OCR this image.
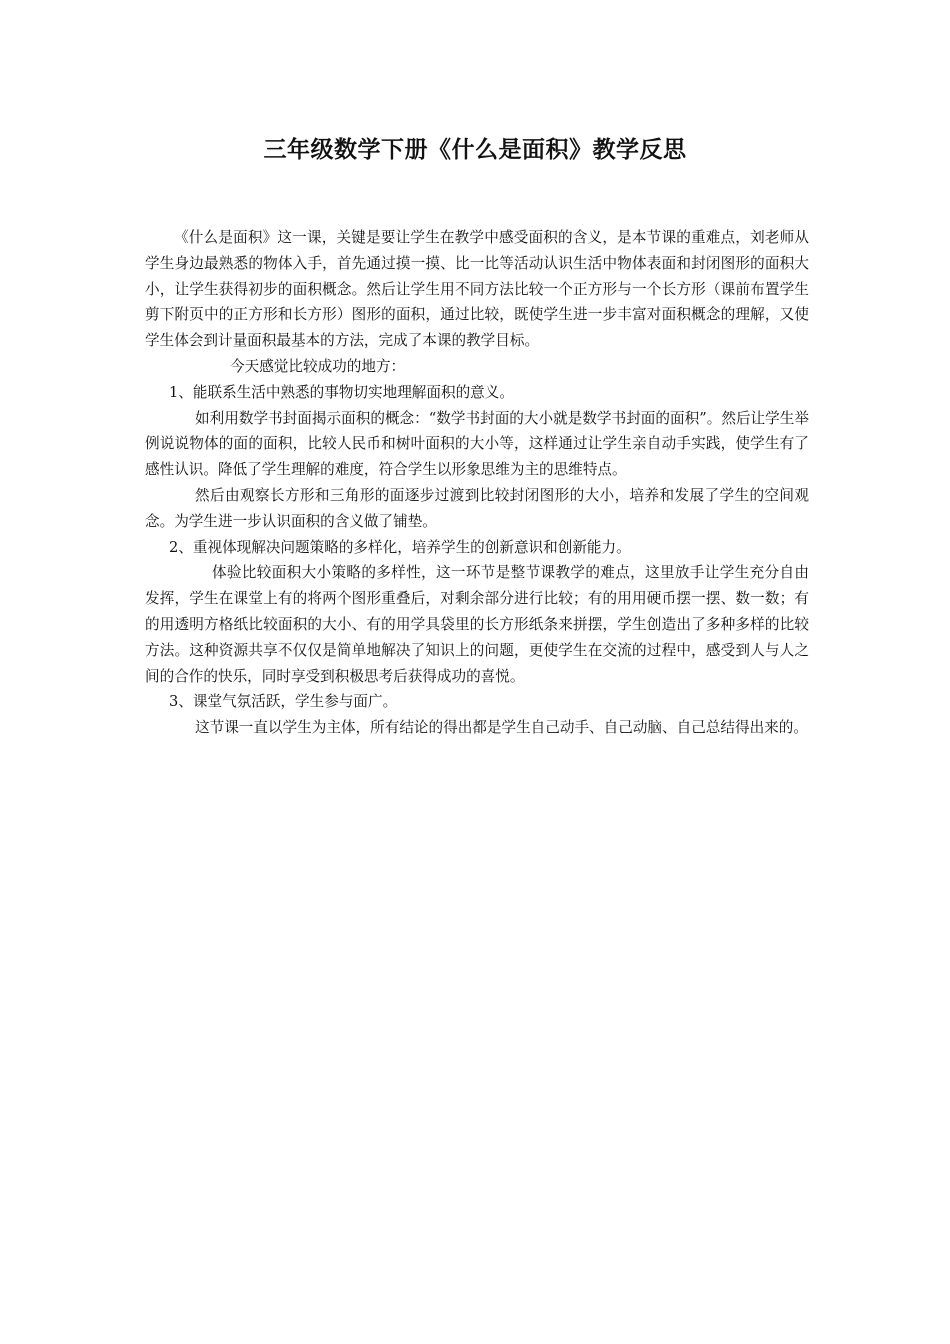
三年级数学下册《什么是面积》教学反思

《什么是面积》这一课，关键是要让学生在教学中感受面积的含义，是本节课的重难点，刘老师从学生身边最熟悉的物体入手，首先通过摸一摸、比一比等活动认识生活中物体表面和封闭图形的面积大小，让学生获得初步的面积概念。然后让学生用不同方法比较一个正方形与一个长方形（课前布置学生剪下附页中的正方形和长方形）图形的面积，通过比较，既使学生进一步丰富对面积概念的理解，又使学生体会到计量面积最基本的方法，完成了本课的教学目标。

今天感觉比较成功的地方：

1、能联系生活中熟悉的事物切实地理解面积的意义。

如利用数学书封面揭示面积的概念：“数学书封面的大小就是数学书封面的面积”。然后让学生举例说说物体的面的面积，比较人民币和树叶面积的大小等，这样通过让学生亲自动手实践，使学生有了感性认识。降低了学生理解的难度，符合学生以形象思维为主的思维特点。

然后由观察长方形和三角形的面逐步过渡到比较封闭图形的大小，培养和发展了学生的空间观念。为学生进一步认识面积的含义做了铺垫。

2、重视体现解决问题策略的多样化，培养学生的创新意识和创新能力。

体验比较面积大小策略的多样性，这一环节是整节课教学的难点，这里放手让学生充分自由发挥，学生在课堂上有的将两个图形重叠后，对剩余部分进行比较；有的用用硬币摆一摆、数一数；有的用透明方格纸比较面积的大小、有的用学具袋里的长方形纸条来拼摆，学生创造出了多种多样的比较方法。这种资源共享不仅仅是简单地解决了知识上的问题，更使学生在交流的过程中，感受到人与人之间的合作的快乐，同时享受到积极思考后获得成功的喜悦。

3、课堂气氛活跃，学生参与面广。

这节课一直以学生为主体，所有结论的得出都是学生自己动手、自己动脑、自己总结得出来的。
